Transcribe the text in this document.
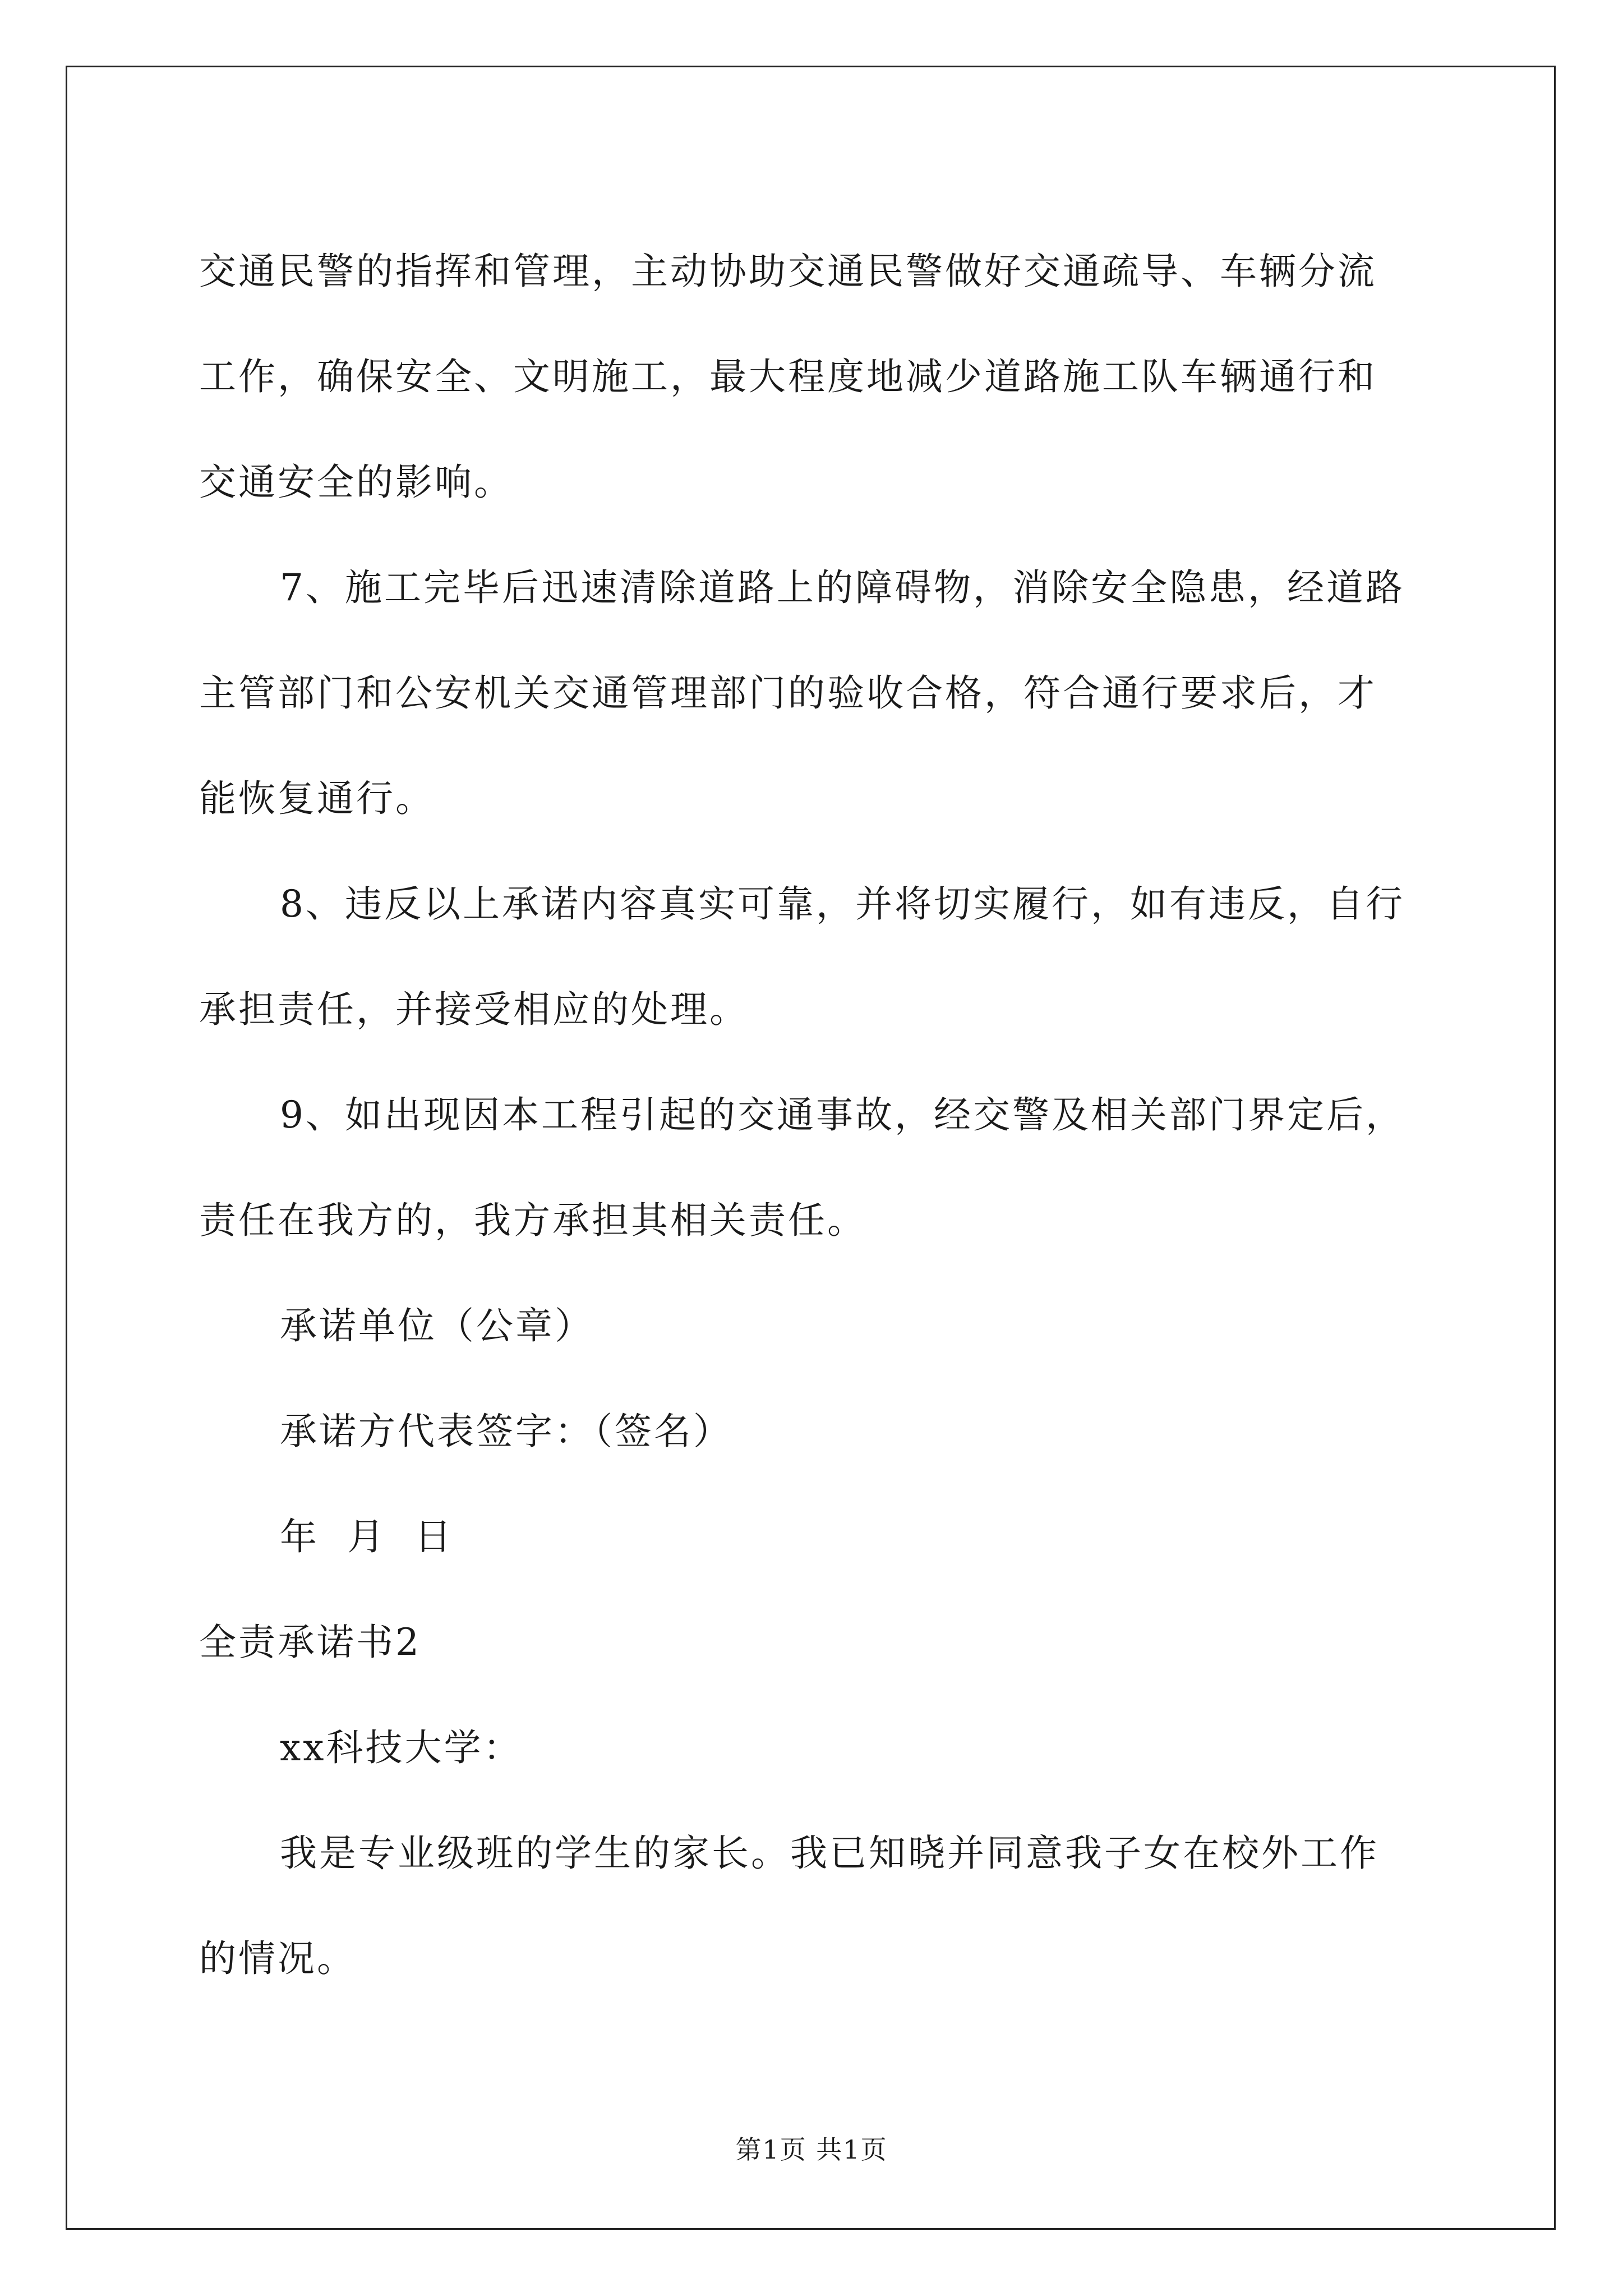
交通民警的指挥和管理，主动协助交通民警做好交通疏导、车辆分流

工作，确保安全、文明施工，最大程度地减少道路施工队车辆通行和

交通安全的影响。

7、施工完毕后迅速清除道路上的障碍物，消除安全隐患，经道路

主管部门和公安机关交通管理部门的验收合格，符合通行要求后，才

能恢复通行。

8、违反以上承诺内容真实可靠，并将切实履行，如有违反，自行

承担责任，并接受相应的处理。

9、如出现因本工程引起的交通事故，经交警及相关部门界定后，

责任在我方的，我方承担其相关责任。

承诺单位（公章）

承诺方代表签字：（签名）

年  月  日

全责承诺书2

xx科技大学：

我是专业级班的学生的家长。我已知晓并同意我子女在校外工作

的情况。

第1页 共1页
